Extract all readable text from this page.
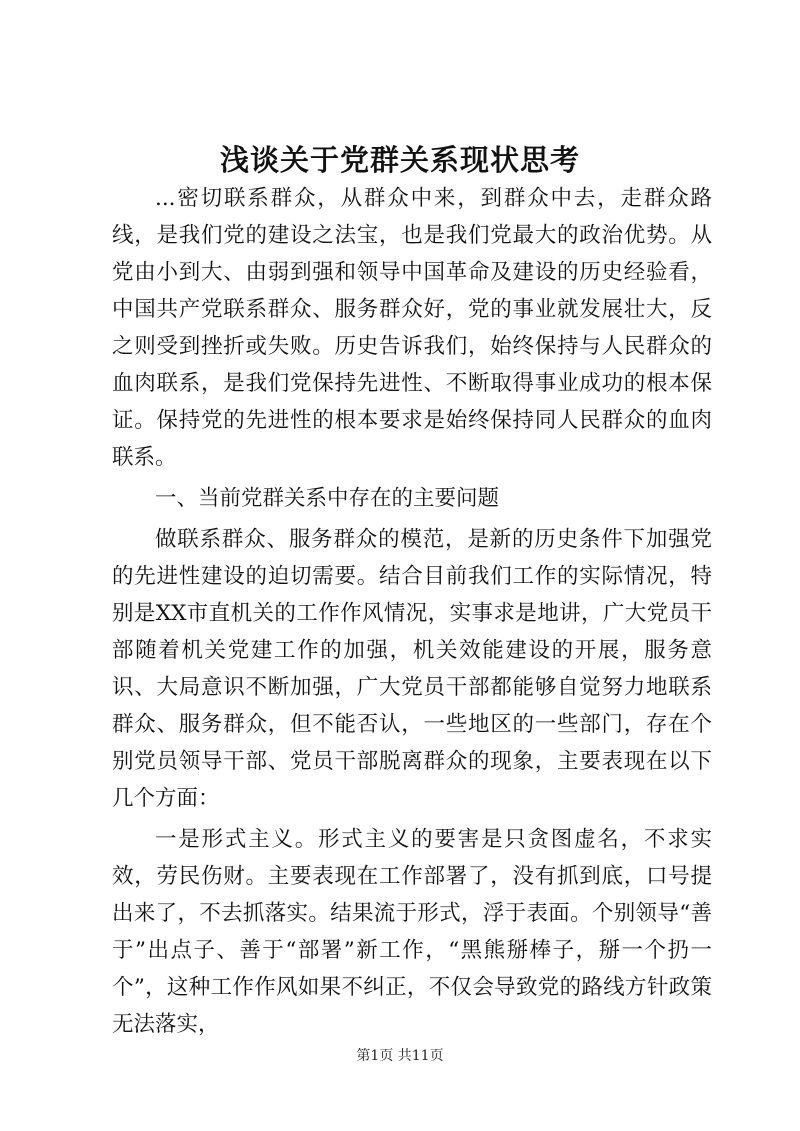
浅谈关于党群关系现状思考

...密切联系群众，从群众中来，到群众中去，走群众路线，是我们党的建设之法宝，也是我们党最大的政治优势。从党由小到大、由弱到强和领导中国革命及建设的历史经验看，中国共产党联系群众、服务群众好，党的事业就发展壮大，反之则受到挫折或失败。历史告诉我们，始终保持与人民群众的血肉联系，是我们党保持先进性、不断取得事业成功的根本保证。保持党的先进性的根本要求是始终保持同人民群众的血肉联系。

一、当前党群关系中存在的主要问题

做联系群众、服务群众的模范，是新的历史条件下加强党的先进性建设的迫切需要。结合目前我们工作的实际情况，特别是XX市直机关的工作作风情况，实事求是地讲，广大党员干部随着机关党建工作的加强，机关效能建设的开展，服务意识、大局意识不断加强，广大党员干部都能够自觉努力地联系群众、服务群众，但不能否认，一些地区的一些部门，存在个别党员领导干部、党员干部脱离群众的现象，主要表现在以下几个方面：

一是形式主义。形式主义的要害是只贪图虚名，不求实效，劳民伤财。主要表现在工作部署了，没有抓到底，口号提出来了，不去抓落实。结果流于形式，浮于表面。个别领导“善于”出点子、善于“部署”新工作，“黑熊掰棒子，掰一个扔一个”，这种工作作风如果不纠正，不仅会导致党的路线方针政策无法落实，

第1页 共11页
